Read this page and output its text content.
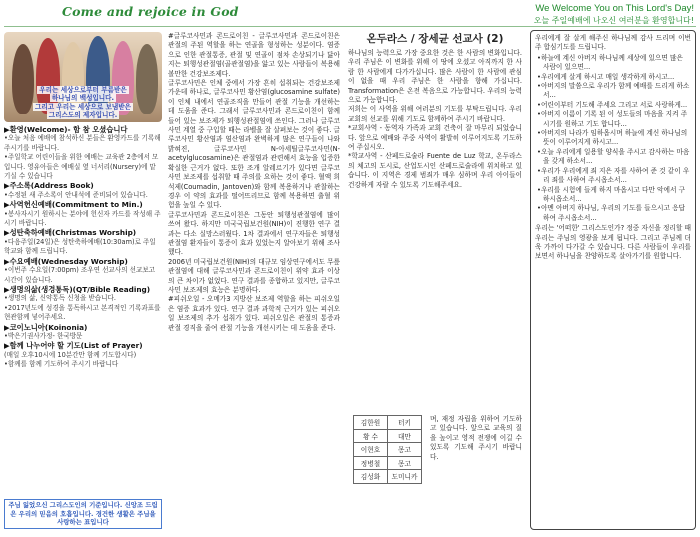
Come and rejoice in God	We Welcome You on This Lord's Day!
오늘 주일예배에 나오신 여러분을 환영합니다!
우리는 세상으로부터 부름받은
하나님의 백성입니다.
그리고 우리는 세상으로 보냄받은
그리스도의 제자입니다.

▶환영(Welcome)- 함 참 오셨습니다

•오늘 처음 예배에 참석하신 분들은 환영카드를 기록해 주시기를 바랍니다.

•주일학교 어린이들을 위한 예배는 교육관 2층에서 모입니다. 영유아들은 예배실 옆 너서리(Nursery)에 맡기실 수 있습니다

▶주소록(Address Book)

•수정된 새 주소록이 안내석에 준비되어 있습니다.

▶사역헌신예배(Commitment to Min.)

•봉사자시기 원하시는 분야에 헌신자 카드를 작성해 주시기 바랍니다.

▶성탄축하예배(Christmas Worship)

•다음주일(24일)은 성탄축하예배(10:30am)로 주일학교와 함께 드립니다.

▶수요예배(Wednesday Worship)

•이번주 수요일(7:00pm) 조우연 선교사의 선교보고 시간이 있습니다.

▶생명의삶(생경통독)(QT/Bible Reading)

•생명의 삶, 신약통독 신청을 받습니다.
•2017년도에 성경을 통독하시고 본격적인 기록과표를 현관함께 넣어주세요.

▶코이노니아(Koinonia)

•박은기권사가정- 한국방문

▶함께 나누어야 할 기도(List of Prayer)

(매일 오후10시에 10분간만 함께 기도합시다)
•함께를 함께 기도하여 주시기 바랍니다

주님 잃었으신 그리스도인의 기준입니다. 신앙조 드림은 우리의 믿음의 호흡입니다. 경건한 생활은 주님을 사랑하는 표입니다

#글루코사민과 콘드로이친 - 글루코사민과 콘드로이친은 관절의 주된 역할을 하는 연골을 형성하는 성분이다. 염증으로 인한 관절통증, 관절 및 연골이 점차 손상되기나 닳아지는 퇴행성관절염(골관절염)을 앓고 있는 사람들이 복용해볼만한 건강보조제다.

글루코사민은 인체 중에서 가장 흔히 섭취되는 건강보조제 가운데 하나로, 글루코사민 황산염(glucosamine sulfate)이 인체 내에서 연골조직을 만들어 관절 기능을 개선하는 데 도움을 준다. 그래서 글루코사민과 콘드로이친이 함께 들어 있는 보조제가 퇴행성관절염에 쓰인다. 그러나 글루코사민 계열 중 구입할 때는 라벨을 잘 살펴보는 것이 좋다. 글루코사민 황산염과 염산염과 완벽하게 많은 연구들이 나와 밝혀진, 글루코사민 N-아세틸글루코사민(N-acetylglucosamine)은 관절염과 관련해서 효능을 입증한 확실한 근거가 없다. 또한 조개 알레르기가 있다면 글루코사민 보조제를 섭취할 때 주의를 요하는 것이 좋다. 혈액 희석제(Coumadin, Jantoven)와 함께 복용하거나 관찰하는 경우 이 약의 효과를 떨어뜨리므로 함께 복용하면 출혈 위험을 높일 수 있다.

글루코사민과 콘드로이친은 그동안 퇴행성관절염에 많이 쓰여 왔다. 하지만 미국국립보건원(NIH)이 진행한 연구 결과는 다소 실망스러웠다. 1차 결과에서 연구자들은 퇴행성 관절염 환자들이 통증이 효과 있었는지 알아보기 위해 조사했다.

2006년 미국립보건원(NIH)의 대규모 임상연구에서도 무릎 관절염에 대해 글루코사민과 콘드로이친이 위약 효과 이상의 큰 차이가 없었다. 연구 결과를 종합하고 있지만, 글루코사민 보조제의 효능은 분명하다.

#피쉬오일 - 오메가3 지방산 보조제 역할을 하는 피쉬오일은 염증 효과가 있다. 연구 결과 과학적 근거가 있는 피쉬오일 보조제의 추가 섭취가 있다. 피쉬오일은 관절의 통증과 관절 경직을 줄여 관절 기능을 개선시키는 데 도움을 준다.

온두라스 / 장세균 선교사 (2)

하나님의 능력으로 가장 중요한 것은 한 사람의 변화입니다. 우리 주님은 이 변화를 위해 이 땅에 오셨고 아직까지 한 사람 한 사람에게 다가가십니다. 많은 사람이 한 사람에 관심이 없을 때 우리 주님은 한 사람을 향해 가십니다. Transformation은 온전 복음으로 가능합니다. 우리의 능력으로 가능합니다.

저희는 이 사역을 위해 여러분의 기도를 부탁드립니다. 우리 교회의 선교를 위해 기도로 함께하여 주시기 바랍니다.

*교회사역 - 동역자 가족과 교회 건축이 잘 마무리 되었습니다. 앞으로 예배와 주중 사역이 활발히 이루어지도록 기도하여 주십시오.

*학교사역 - 산페드로술라 Fuente de Luz 학교, 온두라스의 체고의 도시로, 산업도시인 산페드로술라에 위치하고 있습니다. 이 지역은 경제 범죄가 매우 심하며 우리 아이들이 건강하게 자랄 수 있도록 기도해주세요.

김한원	터키
황 수	대만
이현호	몽고
정병철	몽고
김성화	도미니카
며, 재정 자립을 위하여 기도하고 있습니다. 앞으로 교육의 질을 높이고 영적 전쟁에 이길 수 있도록 기도해 주시기 바랍니다.

우리에게 잘 살게 해주신 하나님께 감사 드리며 이번 주 합심기도를 드립니다.

•하늘에 계신 아버지 하나님께 세상에 있으면 많은 사람이 있으면...
•우리에게 살게 하시고 매일 생각하게 하시고...
•아버지의 말씀으로 우리가 함께 예배를 드리게 하소서...
•어린이부터 기도해 주세요 그리고 서로 사랑하게...
•아버지 이름이 기록 된 이 성도들의 마음을 지켜 주시기를 원하고 기도 합니다...
•아버지의 나라가 임하옵시며 하늘에 계신 하나님의 뜻이 이루어지게 하시고...
•오늘 우리에게 일용할 양식을 주시고 감사하는 마음을 갖게 하소서...
•우리가 우리에게 죄 지은 자를 사하여 준 것 같이 우리 죄를 사하여 주시옵소서...
•우리를 시험에 들게 하지 마옵시고 다만 악에서 구하시옵소서...
•아멘 아버지 하나님, 우리의 기도를 들으시고 응답하여 주시옵소서...

우리는 '어떠한' 그리스도인가? 정중 자신을 정리할 때 우리는 주님의 영광을 보게 됩니다. 그리고 주님께 더욱 가까이 다가갈 수 있습니다. 다른 사람들이 우리를 보면서 하나님을 찬양하도록 살아가기를 원합니다.
